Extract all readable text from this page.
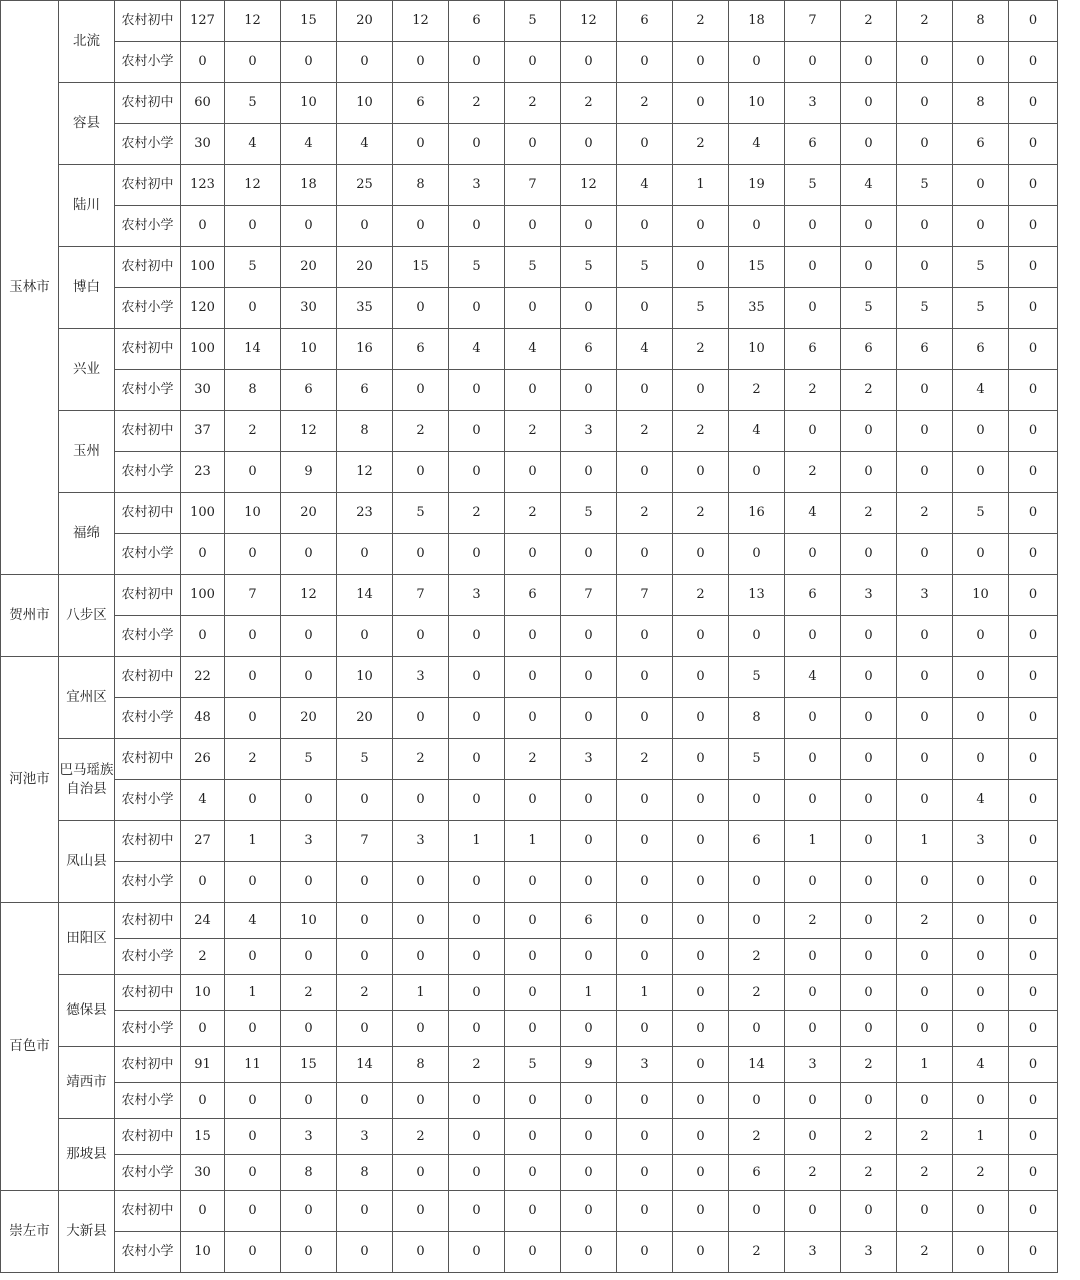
玉林市	北流	农村初中	127	12	15	20	12	6	5	12	6	2	18	7	2	2	8	0
		农村小学	0	0	0	0	0	0	0	0	0	0	0	0	0	0	0	0
	容县	农村初中	60	5	10	10	6	2	2	2	2	0	10	3	0	0	8	0
		农村小学	30	4	4	4	0	0	0	0	0	2	4	6	0	0	6	0
	陆川	农村初中	123	12	18	25	8	3	7	12	4	1	19	5	4	5	0	0
		农村小学	0	0	0	0	0	0	0	0	0	0	0	0	0	0	0	0
	博白	农村初中	100	5	20	20	15	5	5	5	5	0	15	0	0	0	5	0
		农村小学	120	0	30	35	0	0	0	0	0	5	35	0	5	5	5	0
	兴业	农村初中	100	14	10	16	6	4	4	6	4	2	10	6	6	6	6	0
		农村小学	30	8	6	6	0	0	0	0	0	0	2	2	2	0	4	0
	玉州	农村初中	37	2	12	8	2	0	2	3	2	2	4	0	0	0	0	0
		农村小学	23	0	9	12	0	0	0	0	0	0	0	2	0	0	0	0
	福绵	农村初中	100	10	20	23	5	2	2	5	2	2	16	4	2	2	5	0
		农村小学	0	0	0	0	0	0	0	0	0	0	0	0	0	0	0	0
贺州市	八步区	农村初中	100	7	12	14	7	3	6	7	7	2	13	6	3	3	10	0
		农村小学	0	0	0	0	0	0	0	0	0	0	0	0	0	0	0	0
河池市	宜州区	农村初中	22	0	0	10	3	0	0	0	0	0	5	4	0	0	0	0
		农村小学	48	0	20	20	0	0	0	0	0	0	8	0	0	0	0	0
	巴马瑶族自治县	农村初中	26	2	5	5	2	0	2	3	2	0	5	0	0	0	0	0
		农村小学	4	0	0	0	0	0	0	0	0	0	0	0	0	0	4	0
	凤山县	农村初中	27	1	3	7	3	1	1	0	0	0	6	1	0	1	3	0
		农村小学	0	0	0	0	0	0	0	0	0	0	0	0	0	0	0	0
百色市	田阳区	农村初中	24	4	10	0	0	0	0	6	0	0	0	2	0	2	0	0
		农村小学	2	0	0	0	0	0	0	0	0	0	2	0	0	0	0	0
	德保县	农村初中	10	1	2	2	1	0	0	1	1	0	2	0	0	0	0	0
		农村小学	0	0	0	0	0	0	0	0	0	0	0	0	0	0	0	0
	靖西市	农村初中	91	11	15	14	8	2	5	9	3	0	14	3	2	1	4	0
		农村小学	0	0	0	0	0	0	0	0	0	0	0	0	0	0	0	0
	那坡县	农村初中	15	0	3	3	2	0	0	0	0	0	2	0	2	2	1	0
		农村小学	30	0	8	8	0	0	0	0	0	0	6	2	2	2	2	0
崇左市	大新县	农村初中	0	0	0	0	0	0	0	0	0	0	0	0	0	0	0	0
		农村小学	10	0	0	0	0	0	0	0	0	0	2	3	3	2	0	0
